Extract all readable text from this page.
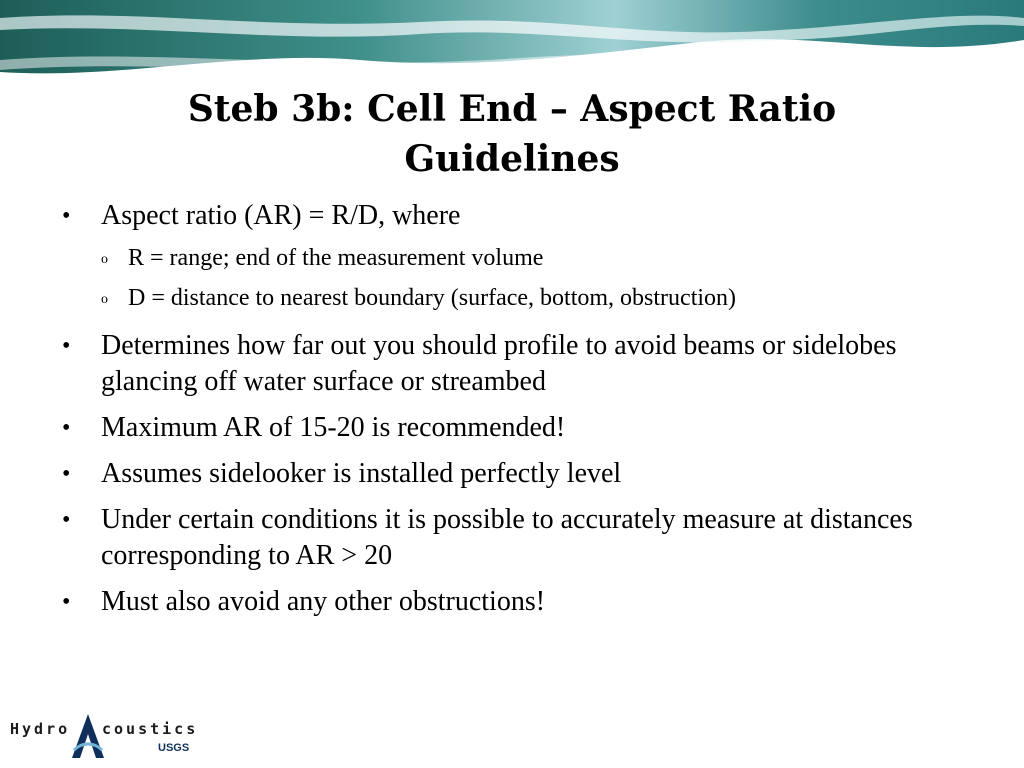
Steb 3b: Cell End – Aspect Ratio Guidelines
• Aspect ratio (AR) = R/D, where
o R = range; end of the measurement volume
o D = distance to nearest boundary (surface, bottom, obstruction)
• Determines how far out you should profile to avoid beams or sidelobes glancing off water surface or streambed
• Maximum AR of 15-20 is recommended!
• Assumes sidelooker is installed perfectly level
• Under certain conditions it is possible to accurately measure at distances corresponding to AR > 20
• Must also avoid any other obstructions!
Hydro coustics
USGS
